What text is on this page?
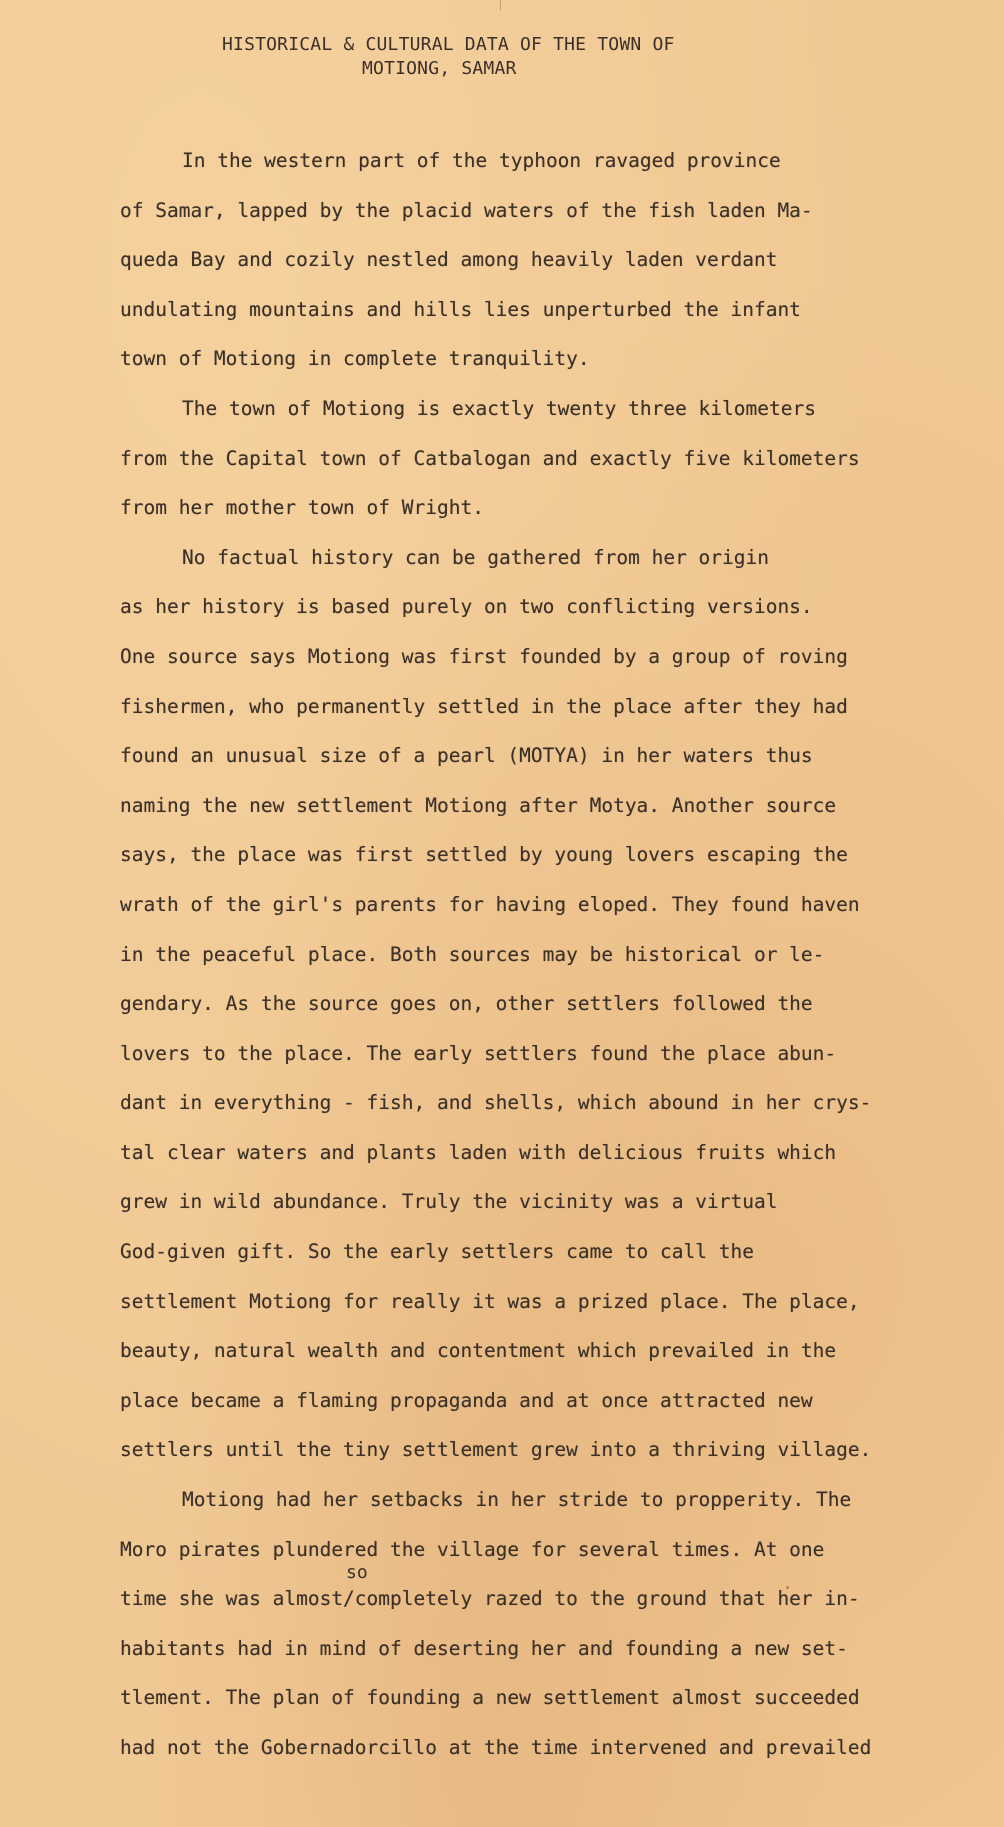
HISTORICAL & CULTURAL DATA OF THE TOWN OF
MOTIONG, SAMAR
In the western part of the typhoon ravaged province
of Samar, lapped by the placid waters of the fish laden Ma-
queda Bay and cozily nestled among heavily laden verdant
undulating mountains and hills lies unperturbed the infant
town of Motiong in complete tranquility.
The town of Motiong is exactly twenty three kilometers
from the Capital town of Catbalogan and exactly five kilometers
from her mother town of Wright.
No factual history can be gathered from her origin
as her history is based purely on two conflicting versions.
One source says Motiong was first founded by a group of roving
fishermen, who permanently settled in the place after they had
found an unusual size of a pearl (MOTYA) in her waters thus
naming the new settlement Motiong after Motya. Another source
says, the place was first settled by young lovers escaping the
wrath of the girl's parents for having eloped. They found haven
in the peaceful place. Both sources may be historical or le-
gendary. As the source goes on, other settlers followed the
lovers to the place. The early settlers found the place abun-
dant in everything - fish, and shells, which abound in her crys-
tal clear waters and plants laden with delicious fruits which
grew in wild abundance. Truly the vicinity was a virtual
God-given gift. So the early settlers came to call the
settlement Motiong for really it was a prized place. The place,
beauty, natural wealth and contentment which prevailed in the
place became a flaming propaganda and at once attracted new
settlers until the tiny settlement grew into a thriving village.
Motiong had her setbacks in her stride to propperity. The
Moro pirates plundered the village for several times. At one
so
time she was almost/completely razed to the ground that her in-
habitants had in mind of deserting her and founding a new set-
tlement. The plan of founding a new settlement almost succeeded
had not the Gobernadorcillo at the time intervened and prevailed
